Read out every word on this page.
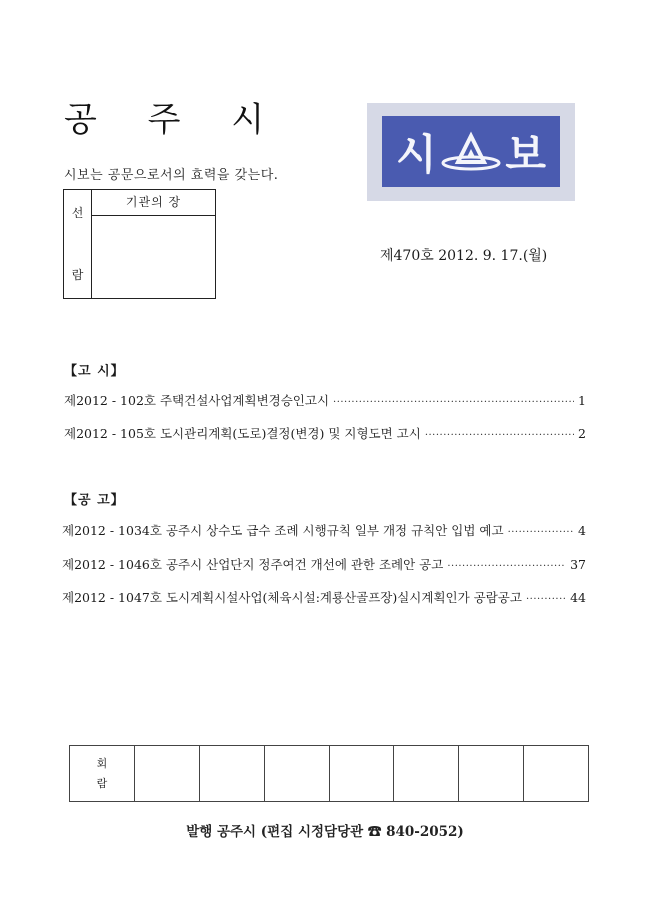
공 주 시
시보는 공문으로서의 효력을 갖는다.
선
람
기관의 장
시 보
제470호 2012. 9. 17.(월)
【고 시】
제2012 - 102호 주택건설사업계획변경승인고시 ·····	1
제2012 - 105호 도시관리계획(도로)결정(변경) 및 지형도면 고시 ·····	2
【공 고】
제2012 - 1034호 공주시 상수도 급수 조례 시행규칙 일부 개정 규칙안 입법 예고 ·····	4
제2012 - 1046호 공주시 산업단지 정주여건 개선에 관한 조례안 공고 ·····	37
제2012 - 1047호 도시계획시설사업(체육시설:계룡산골프장)실시계획인가 공람공고 ·····	44
회
람
발행 공주시 (편집 시정담당관 ☎ 840-2052)
